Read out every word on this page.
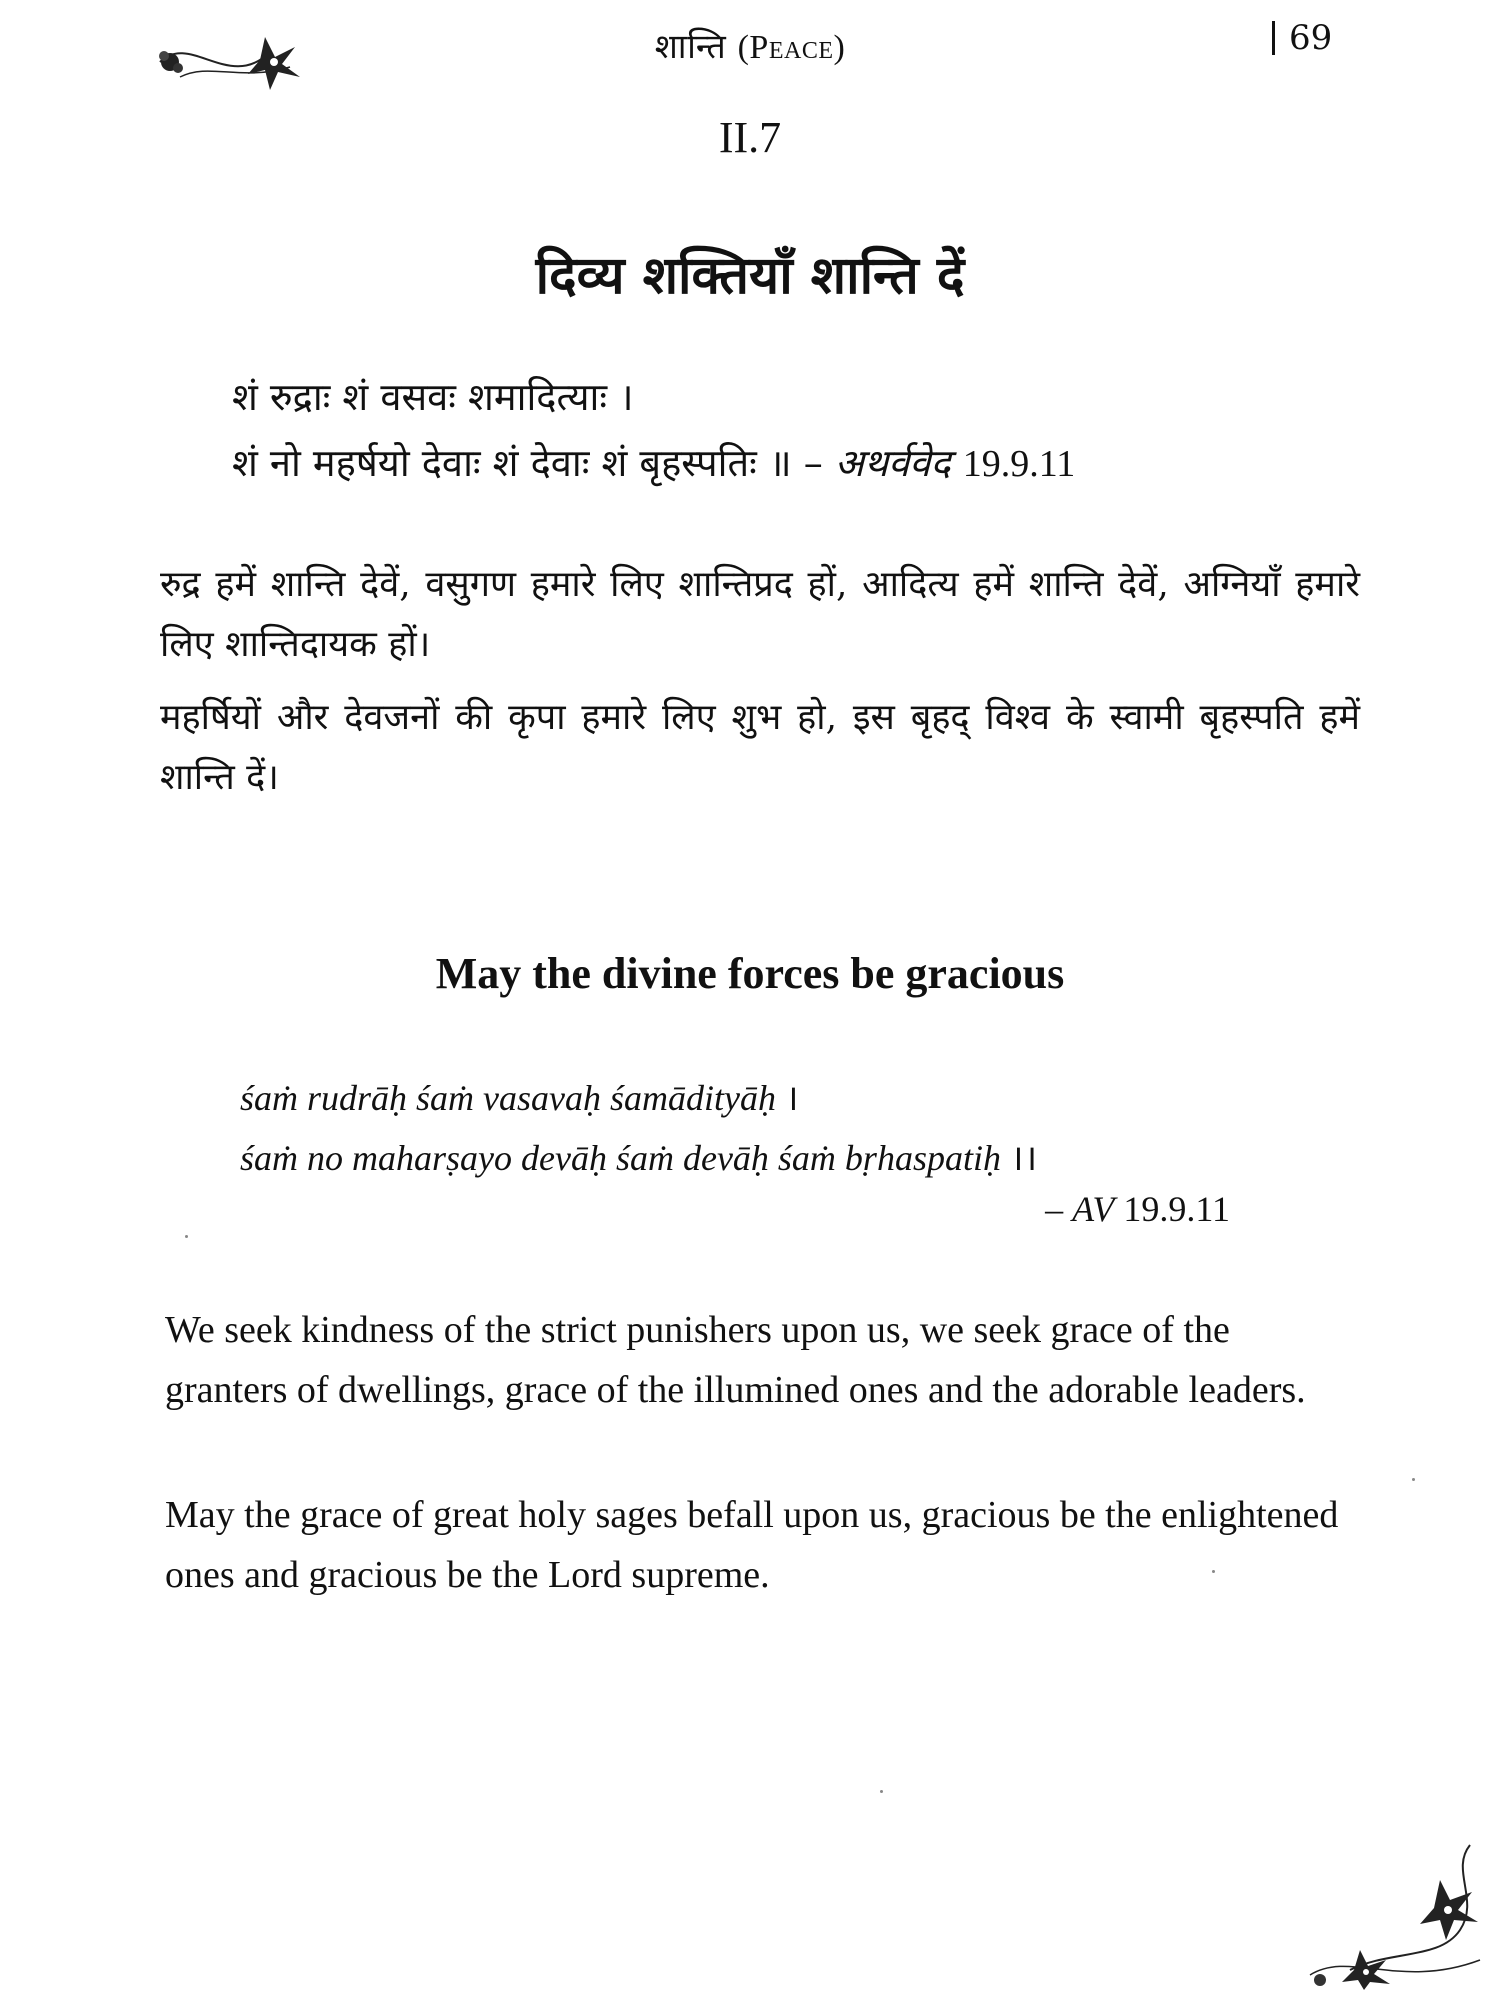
शान्ति (Peace)	69
II.7
दिव्य शक्तियाँ शान्ति दें
शं रुद्राः शं वसवः शमादित्याः ।
शं नो महर्षयो देवाः शं देवाः शं बृहस्पतिः ॥ – अथर्ववेद 19.9.11

रुद्र हमें शान्ति देवें, वसुगण हमारे लिए शान्तिप्रद हों, आदित्य हमें शान्ति देवें, अग्नियाँ हमारे लिए शान्तिदायक हों।

महर्षियों और देवजनों की कृपा हमारे लिए शुभ हो, इस बृहद् विश्व के स्वामी बृहस्पति हमें शान्ति दें।

May the divine forces be gracious
śaṁ rudrāḥ śaṁ vasavaḥ śamādityāḥ ।
śaṁ no maharṣayo devāḥ śaṁ devāḥ śaṁ bṛhaspatiḥ ।।
– AV 19.9.11

We seek kindness of the strict punishers upon us, we seek grace of the granters of dwellings, grace of the illumined ones and the adorable leaders.

May the grace of great holy sages befall upon us, gracious be the enlightened ones and gracious be the Lord supreme.
